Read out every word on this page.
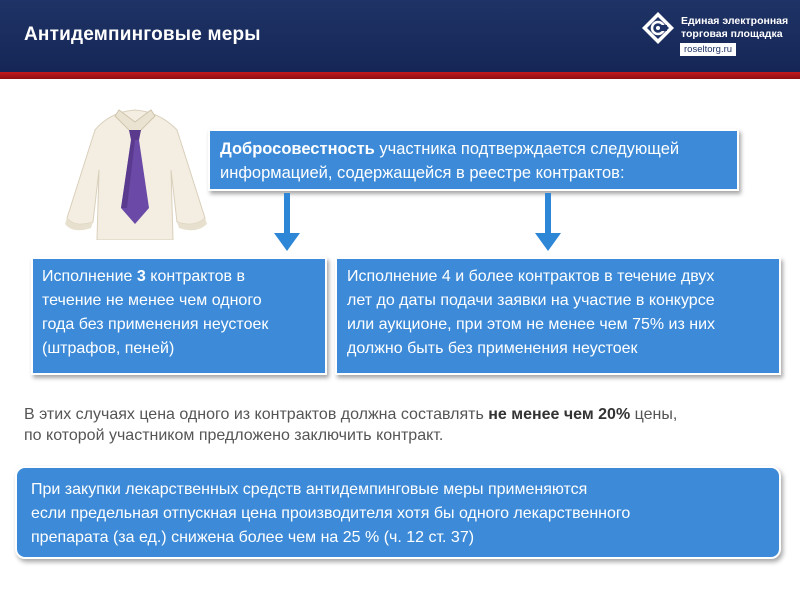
Антидемпинговые меры
Единая электронная
торговая площадка
roseltorg.ru
Добросовестность участника подтверждается следующей
информацией, содержащейся в реестре контрактов:
Исполнение 3 контрактов в
течение не менее чем одного
года без применения неустоек
(штрафов, пеней)
Исполнение 4 и более контрактов в течение двух
лет до даты подачи заявки на участие в конкурсе
или аукционе, при этом не менее чем 75% из них
должно быть без применения неустоек
В этих случаях цена одного из контрактов должна составлять не менее чем 20% цены,
по которой участником предложено заключить контракт.
При закупки лекарственных средств антидемпинговые меры применяются
если предельная отпускная цена производителя хотя бы одного лекарственного
препарата (за ед.) снижена более чем на 25 % (ч. 12 ст. 37)
